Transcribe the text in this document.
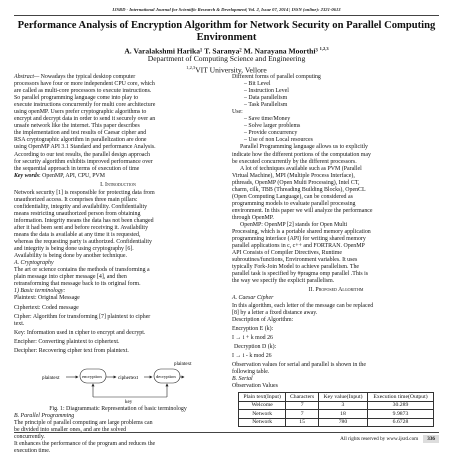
IJSRD - International Journal for Scientific Research & Development| Vol. 2, Issue 07, 2014 | ISSN (online): 2321-0613
Performance Analysis of Encryption Algorithm for Network Security on Parallel Computing Environment
A. Varalakshmi Harika¹ T. Saranya² M. Narayana Moorthi³ $^{1,2,3}$
Department of Computing Science and Engineering
$^{1,2,3}$VIT University, Vellore
Abstract— Nowadays the typical desktop computer
processors have four or more independent CPU core, which
are called as multi-core processors to execute instructions.
So parallel programming language come into play to
execute instructions concurrently for multi core architecture
using openMP. Users prefer cryptographic algorithms to
encrypt and decrypt data in order to send it securely over an
unsafe network like the internet. This paper describes
the implementation and test results of Caesar cipher and
RSA cryptographic algorithm in parallelization are done
using OpenMP API 3.1 Standard and performance Analysis.
According to our test results, the parallel design approach
for security algorithm exhibits improved performance over
the sequential approach in terms of execution of time
Key words: OpenMP, API, CPU, PVM
I. Introduction
Network security [1] is responsible for protecting data from
unauthorized access. It comprises three main pillars:
confidentiality, integrity and availability. Confidentiality
means restricting unauthorized person from obtaining
information. Integrity means the data has not been changed
after it had been sent and before receiving it. Availability
means the data is available at any time it is requested,
whereas the requesting party is authorized. Confidentiality
and integrity is being done using cryptography [6].
Availability is being done by another technique.
A. Cryptography
The art or science contains the methods of transforming a
plain message into cipher message [4], and then
retransforming that message back to its original form.
1) Basic terminology:
Plaintext: Original Message
Ciphertext: Coded message
Cipher: Algorithm for transforming [7] plaintext to cipher
text.
Key: Information used in cipher to encrypt and decrypt.
Encipher: Converting plaintext to ciphertext.
Decipher: Recovering cipher text from plaintext.
plaintext	encryption	ciphertext	decryption
plaintext
key
Fig. 1: Diagrammatic Representation of basic terminology
B. Parallel Programming
The principle of parallel computing are large problems can
be divided into smaller ones, and are the solved
concurrently.
It enhances the performance of the program and reduces the
execution time.
Different forms of parallel computing
– Bit Level
– Instruction Level
– Data parallelism
– Task Parallelism
Use:
– Save time/Money
– Solve larger problems
– Provide concurrency
– Use of non Local resources
Parallel Programming language allows us to explicitly
indicate how the different portions of the computation may
be executed concurrently by the different processors.
A lot of techniques available such as PVM (Parallel
Virtual Machine), MPI (Multiple Process Interface),
pthreads, OpenMP (Open Multi Processing), Intel CT,
charm, cilk, TBB (Threading Building Blocks), OpenCL
(Open Computing Language), can be considered as
programming models to evaluate parallel processing
environment. In this paper we will analyze the performance
through OpenMP.
OpenMP: OpenMP [2] stands for Open Multi
Processing, which is a portable shared memory application
programming interface (API) for writing shared memory
parallel applications in c, c++ and FORTRAN. OpenMP
API Consists of Compiler Directives, Runtime
subroutines/functions, Environment variables. It uses
typically Fork-Join Model to achieve parallelism. The
parallel task is specified by #pragma omp parallel .This is
the way we specify the explicit parallelism.
II. Proposed Algorithm
A. Caesar Cipher
In this algorithm, each letter of the message can be replaced
[8] by a letter a fixed distance away.
Description of Algorithm:
Encryption E (k):
I → i + k mod 26
Decryption D (k):
I → i - k mod 26
Observation values for serial and parallel is shown in the
following table.
B. Serial
Observation Values
Plain text(Input)	Characters	Key value(Input)	Execution time(Output)
Welcome	7	3	30.289
Network	7	18	9.9873
Network	15	780	6.6728
All rights reserved by www.ijsrd.com 336
